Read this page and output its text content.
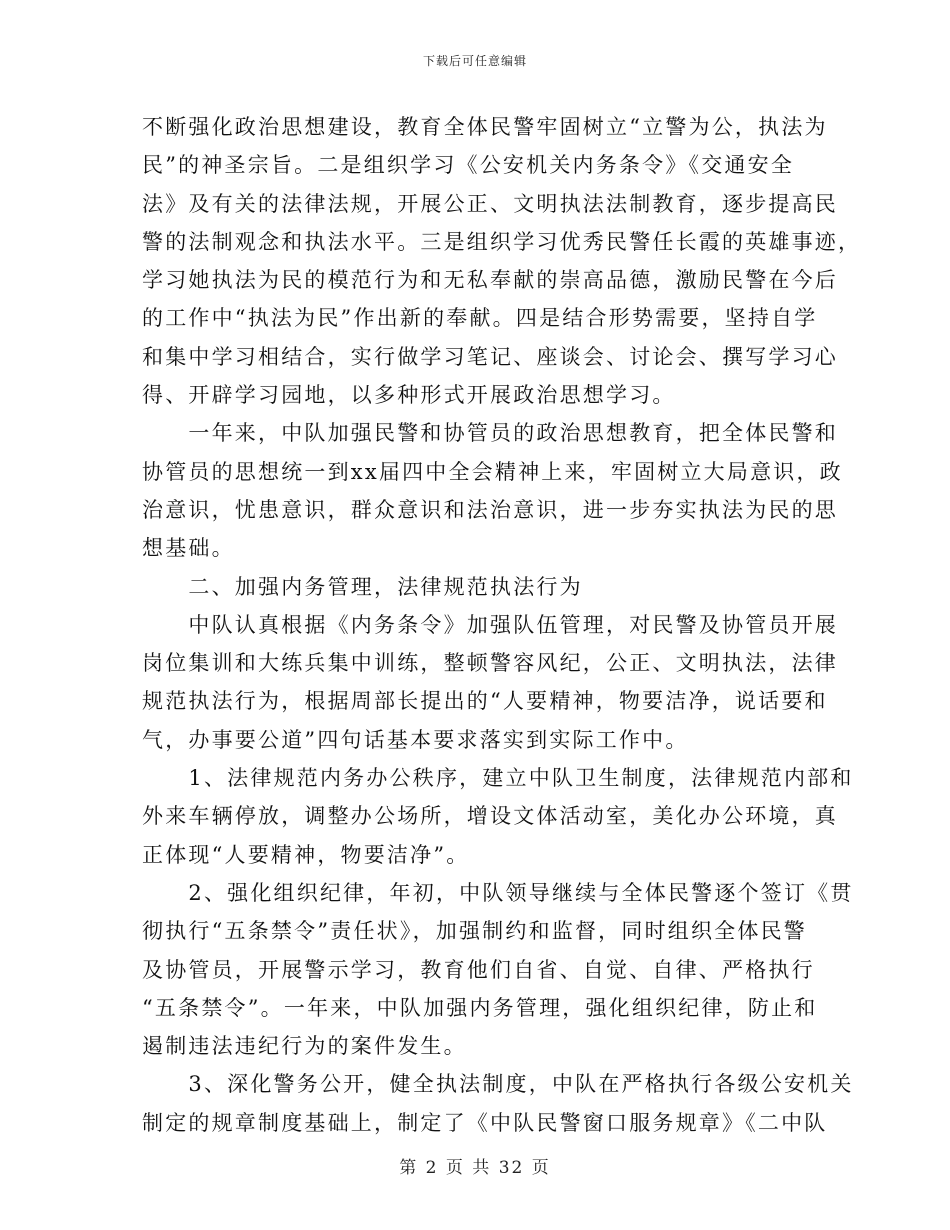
下载后可任意编辑
不断强化政治思想建设，教育全体民警牢固树立“立警为公，执法为
民”的神圣宗旨。二是组织学习《公安机关内务条令》《交通安全
法》及有关的法律法规，开展公正、文明执法法制教育，逐步提高民
警的法制观念和执法水平。三是组织学习优秀民警任长霞的英雄事迹，
学习她执法为民的模范行为和无私奉献的崇高品德，激励民警在今后
的工作中“执法为民”作出新的奉献。四是结合形势需要，坚持自学
和集中学习相结合，实行做学习笔记、座谈会、讨论会、撰写学习心
得、开辟学习园地，以多种形式开展政治思想学习。
　　一年来，中队加强民警和协管员的政治思想教育，把全体民警和
协管员的思想统一到xx届四中全会精神上来，牢固树立大局意识，政
治意识，忧患意识，群众意识和法治意识，进一步夯实执法为民的思
想基础。
　　二、加强内务管理，法律规范执法行为
　　中队认真根据《内务条令》加强队伍管理，对民警及协管员开展
岗位集训和大练兵集中训练，整顿警容风纪，公正、文明执法，法律
规范执法行为，根据周部长提出的“人要精神，物要洁净，说话要和
气，办事要公道”四句话基本要求落实到实际工作中。
　　1、法律规范内务办公秩序，建立中队卫生制度，法律规范内部和
外来车辆停放，调整办公场所，增设文体活动室，美化办公环境，真
正体现“人要精神，物要洁净”。
　　2、强化组织纪律，年初，中队领导继续与全体民警逐个签订《贯
彻执行“五条禁令”责任状》，加强制约和监督，同时组织全体民警
及协管员，开展警示学习，教育他们自省、自觉、自律、严格执行
“五条禁令”。一年来，中队加强内务管理，强化组织纪律，防止和
遏制违法违纪行为的案件发生。
　　3、深化警务公开，健全执法制度，中队在严格执行各级公安机关
制定的规章制度基础上，制定了《中队民警窗口服务规章》《二中队
第 2 页 共 32 页
